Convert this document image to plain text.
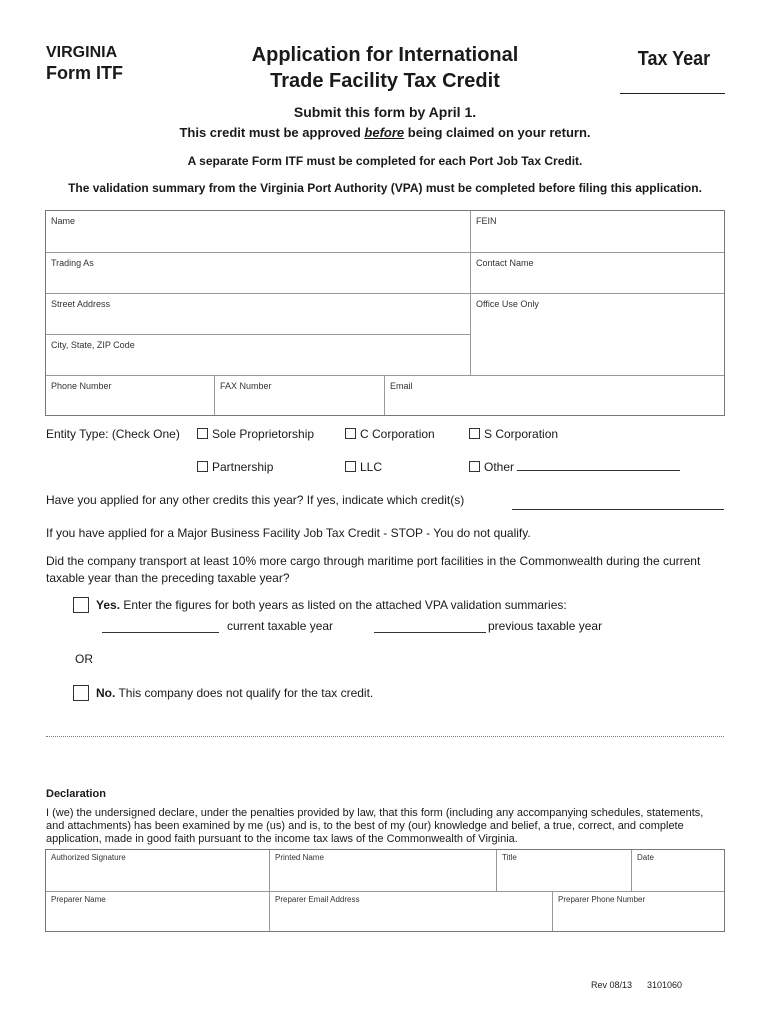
VIRGINIA
Form ITF
Application for International
Trade Facility Tax Credit
Tax Year
Submit this form by April 1.
This credit must be approved before being claimed on your return.
A separate Form ITF must be completed for each Port Job Tax Credit.
The validation summary from the Virginia Port Authority (VPA) must be completed before filing this application.
Name	FEIN
Trading As	Contact Name
Street Address	Office Use Only
City, State, ZIP Code
Phone Number	FAX Number	Email
Entity Type: (Check One)	Sole Proprietorship	C Corporation	S Corporation
Partnership	LLC	Other
Have you applied for any other credits this year? If yes, indicate which credit(s)
If you have applied for a Major Business Facility Job Tax Credit - STOP - You do not qualify.
Did the company transport at least 10% more cargo through maritime port facilities in the Commonwealth during the current
taxable year than the preceding taxable year?
Yes. Enter the figures for both years as listed on the attached VPA validation summaries:
current taxable year	previous taxable year
OR
No. This company does not qualify for the tax credit.
Declaration
I (we) the undersigned declare, under the penalties provided by law, that this form (including any accompanying schedules, statements,
and attachments) has been examined by me (us) and is, to the best of my (our) knowledge and belief, a true, correct, and complete
application, made in good faith pursuant to the income tax laws of the Commonwealth of Virginia.
Authorized Signature	Printed Name	Title	Date
Preparer Name	Preparer Email Address	Preparer Phone Number
Rev 08/13 3101060
